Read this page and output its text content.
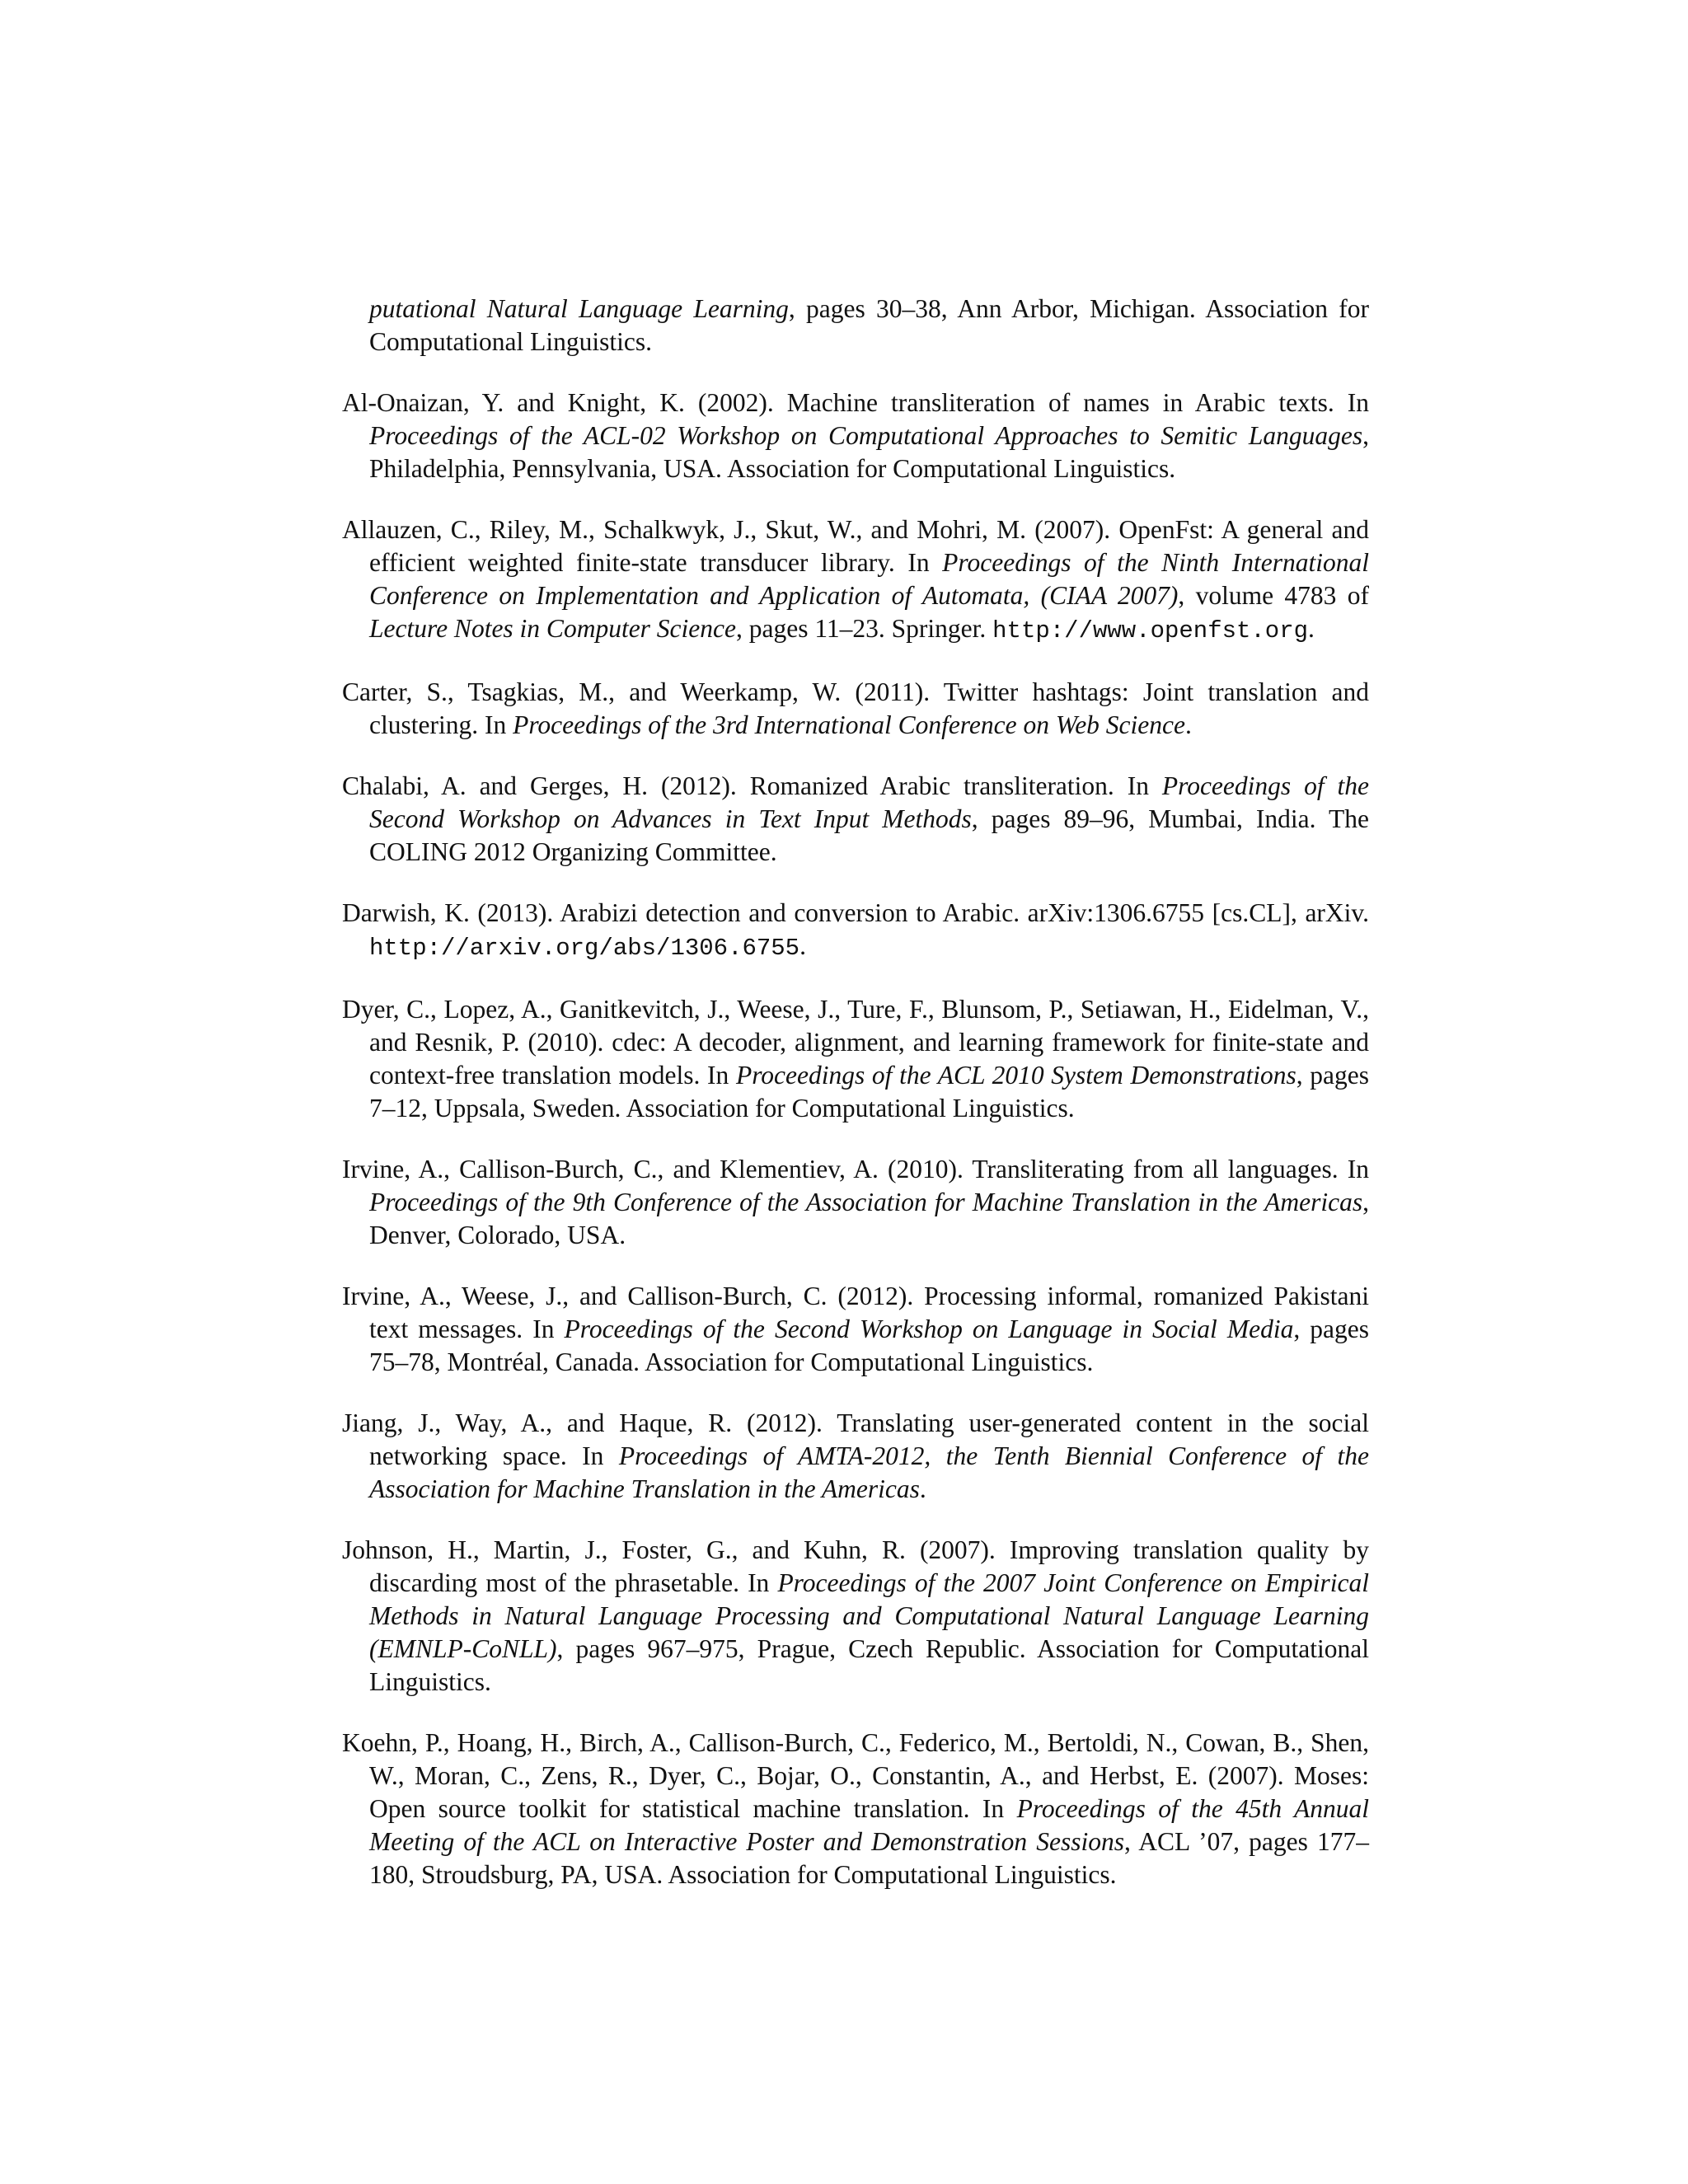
putational Natural Language Learning, pages 30–38, Ann Arbor, Michigan. Association for Computational Linguistics.

Al-Onaizan, Y. and Knight, K. (2002). Machine transliteration of names in Arabic texts. In Proceedings of the ACL-02 Workshop on Computational Approaches to Semitic Languages, Philadelphia, Pennsylvania, USA. Association for Computational Linguistics.

Allauzen, C., Riley, M., Schalkwyk, J., Skut, W., and Mohri, M. (2007). OpenFst: A general and efficient weighted finite-state transducer library. In Proceedings of the Ninth International Conference on Implementation and Application of Automata, (CIAA 2007), volume 4783 of Lecture Notes in Computer Science, pages 11–23. Springer. http://www.openfst.org.

Carter, S., Tsagkias, M., and Weerkamp, W. (2011). Twitter hashtags: Joint translation and clustering. In Proceedings of the 3rd International Conference on Web Science.

Chalabi, A. and Gerges, H. (2012). Romanized Arabic transliteration. In Proceedings of the Second Workshop on Advances in Text Input Methods, pages 89–96, Mumbai, India. The COLING 2012 Organizing Committee.

Darwish, K. (2013). Arabizi detection and conversion to Arabic. arXiv:1306.6755 [cs.CL], arXiv. http://arxiv.org/abs/1306.6755.

Dyer, C., Lopez, A., Ganitkevitch, J., Weese, J., Ture, F., Blunsom, P., Setiawan, H., Eidelman, V., and Resnik, P. (2010). cdec: A decoder, alignment, and learning framework for finite-state and context-free translation models. In Proceedings of the ACL 2010 System Demonstrations, pages 7–12, Uppsala, Sweden. Association for Computational Linguistics.

Irvine, A., Callison-Burch, C., and Klementiev, A. (2010). Transliterating from all languages. In Proceedings of the 9th Conference of the Association for Machine Translation in the Americas, Denver, Colorado, USA.

Irvine, A., Weese, J., and Callison-Burch, C. (2012). Processing informal, romanized Pakistani text messages. In Proceedings of the Second Workshop on Language in Social Media, pages 75–78, Montréal, Canada. Association for Computational Linguistics.

Jiang, J., Way, A., and Haque, R. (2012). Translating user-generated content in the social networking space. In Proceedings of AMTA-2012, the Tenth Biennial Conference of the Association for Machine Translation in the Americas.

Johnson, H., Martin, J., Foster, G., and Kuhn, R. (2007). Improving translation quality by discarding most of the phrasetable. In Proceedings of the 2007 Joint Conference on Empirical Methods in Natural Language Processing and Computational Natural Language Learning (EMNLP-CoNLL), pages 967–975, Prague, Czech Republic. Association for Computational Linguistics.

Koehn, P., Hoang, H., Birch, A., Callison-Burch, C., Federico, M., Bertoldi, N., Cowan, B., Shen, W., Moran, C., Zens, R., Dyer, C., Bojar, O., Constantin, A., and Herbst, E. (2007). Moses: Open source toolkit for statistical machine translation. In Proceedings of the 45th Annual Meeting of the ACL on Interactive Poster and Demonstration Sessions, ACL ’07, pages 177–180, Stroudsburg, PA, USA. Association for Computational Linguistics.
